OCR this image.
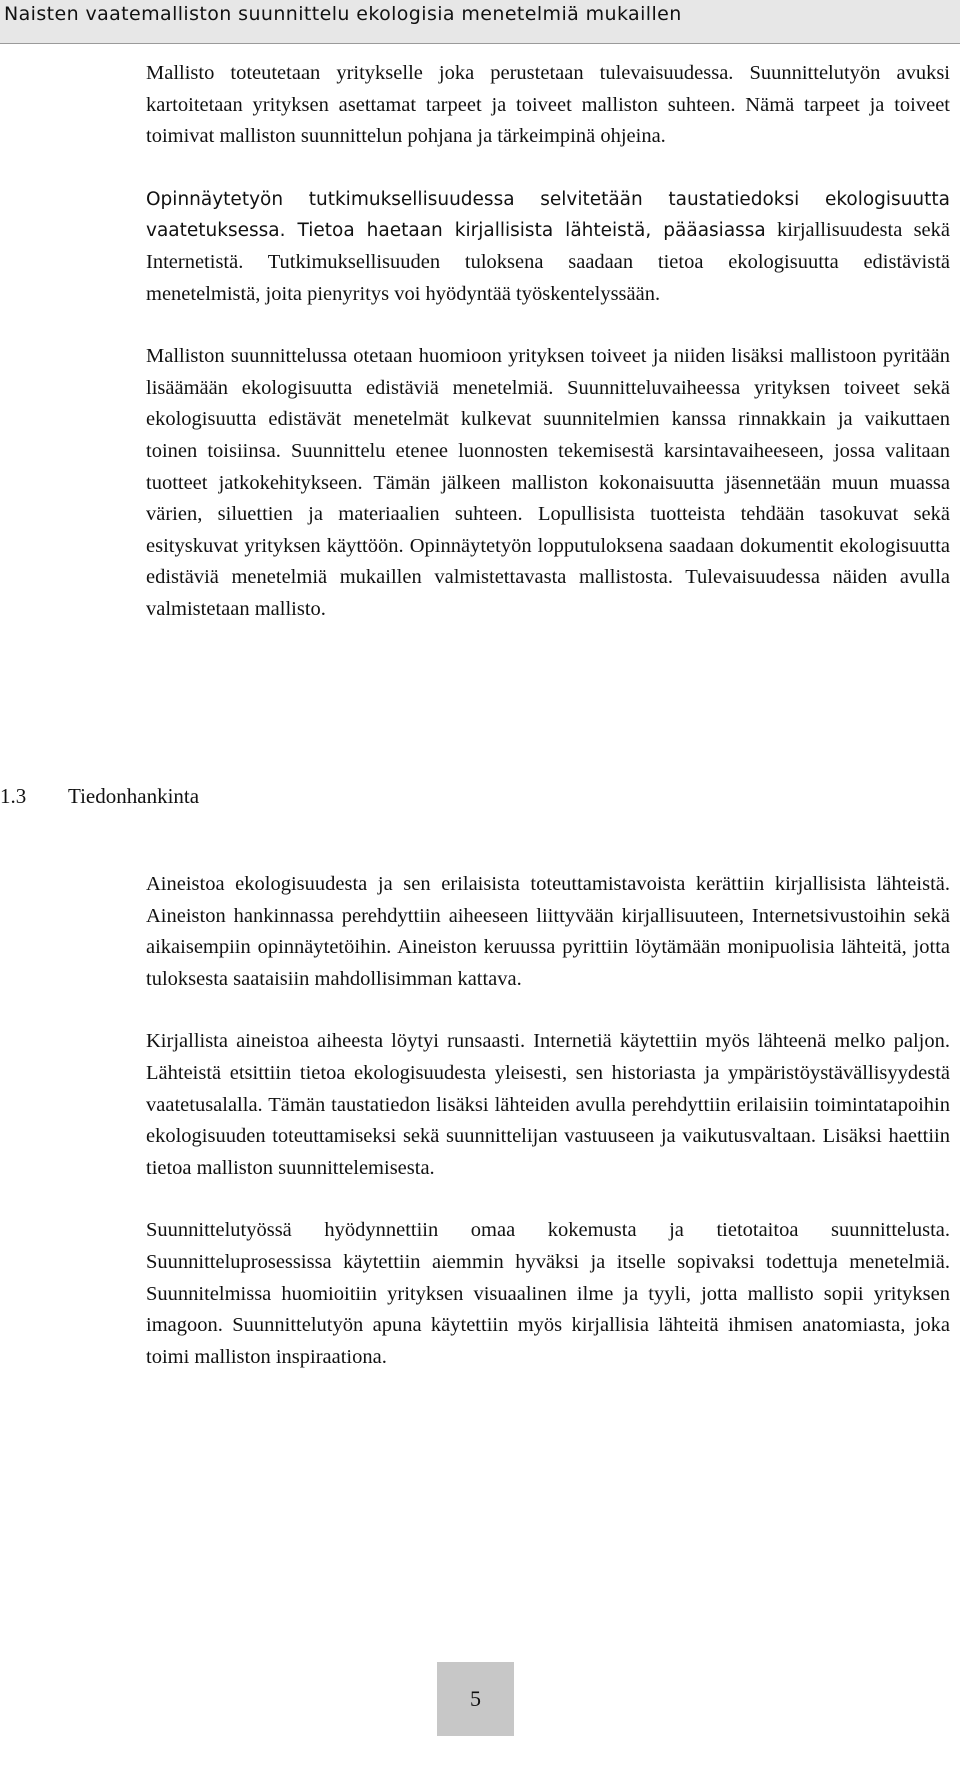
Naisten vaatemalliston suunnittelu ekologisia menetelmiä mukaillen

Mallisto toteutetaan yritykselle joka perustetaan tulevaisuudessa. Suunnittelutyön avuksi kartoitetaan yrityksen asettamat tarpeet ja toiveet malliston suhteen. Nämä tarpeet ja toiveet toimivat malliston suunnittelun pohjana ja tärkeimpinä ohjeina.

Opinnäytetyön tutkimuksellisuudessa selvitetään taustatiedoksi ekologisuutta vaatetuksessa. Tietoa haetaan kirjallisista lähteistä, pääasiassa kirjallisuudesta sekä Internetistä. Tutkimuksellisuuden tuloksena saadaan tietoa ekologisuutta edistävistä menetelmistä, joita pienyritys voi hyödyntää työskentelyssään.

Malliston suunnittelussa otetaan huomioon yrityksen toiveet ja niiden lisäksi mallistoon pyritään lisäämään ekologisuutta edistäviä menetelmiä. Suunnitteluvaiheessa yrityksen toiveet sekä ekologisuutta edistävät menetelmät kulkevat suunnitelmien kanssa rinnakkain ja vaikuttaen toinen toisiinsa. Suunnittelu etenee luonnosten tekemisestä karsintavaiheeseen, jossa valitaan tuotteet jatkokehitykseen. Tämän jälkeen malliston kokonaisuutta jäsennetään muun muassa värien, siluettien ja materiaalien suhteen. Lopullisista tuotteista tehdään tasokuvat sekä esityskuvat yrityksen käyttöön. Opinnäytetyön lopputuloksena saadaan dokumentit ekologisuutta edistäviä menetelmiä mukaillen valmistettavasta mallistosta. Tulevaisuudessa näiden avulla valmistetaan mallisto.

1.3 Tiedonhankinta

Aineistoa ekologisuudesta ja sen erilaisista toteuttamistavoista kerättiin kirjallisista lähteistä. Aineiston hankinnassa perehdyttiin aiheeseen liittyvään kirjallisuuteen, Internetsivustoihin sekä aikaisempiin opinnäytetöihin. Aineiston keruussa pyrittiin löytämään monipuolisia lähteitä, jotta tuloksesta saataisiin mahdollisimman kattava.

Kirjallista aineistoa aiheesta löytyi runsaasti. Internetiä käytettiin myös lähteenä melko paljon. Lähteistä etsittiin tietoa ekologisuudesta yleisesti, sen historiasta ja ympäristöystävällisyydestä vaatetusalalla. Tämän taustatiedon lisäksi lähteiden avulla perehdyttiin erilaisiin toimintatapoihin ekologisuuden toteuttamiseksi sekä suunnittelijan vastuuseen ja vaikutusvaltaan. Lisäksi haettiin tietoa malliston suunnittelemisesta.

Suunnittelutyössä hyödynnettiin omaa kokemusta ja tietotaitoa suunnittelusta. Suunnitteluprosessissa käytettiin aiemmin hyväksi ja itselle sopivaksi todettuja menetelmiä. Suunnitelmissa huomioitiin yrityksen visuaalinen ilme ja tyyli, jotta mallisto sopii yrityksen imagoon. Suunnittelutyön apuna käytettiin myös kirjallisia lähteitä ihmisen anatomiasta, joka toimi malliston inspiraationa.

5
